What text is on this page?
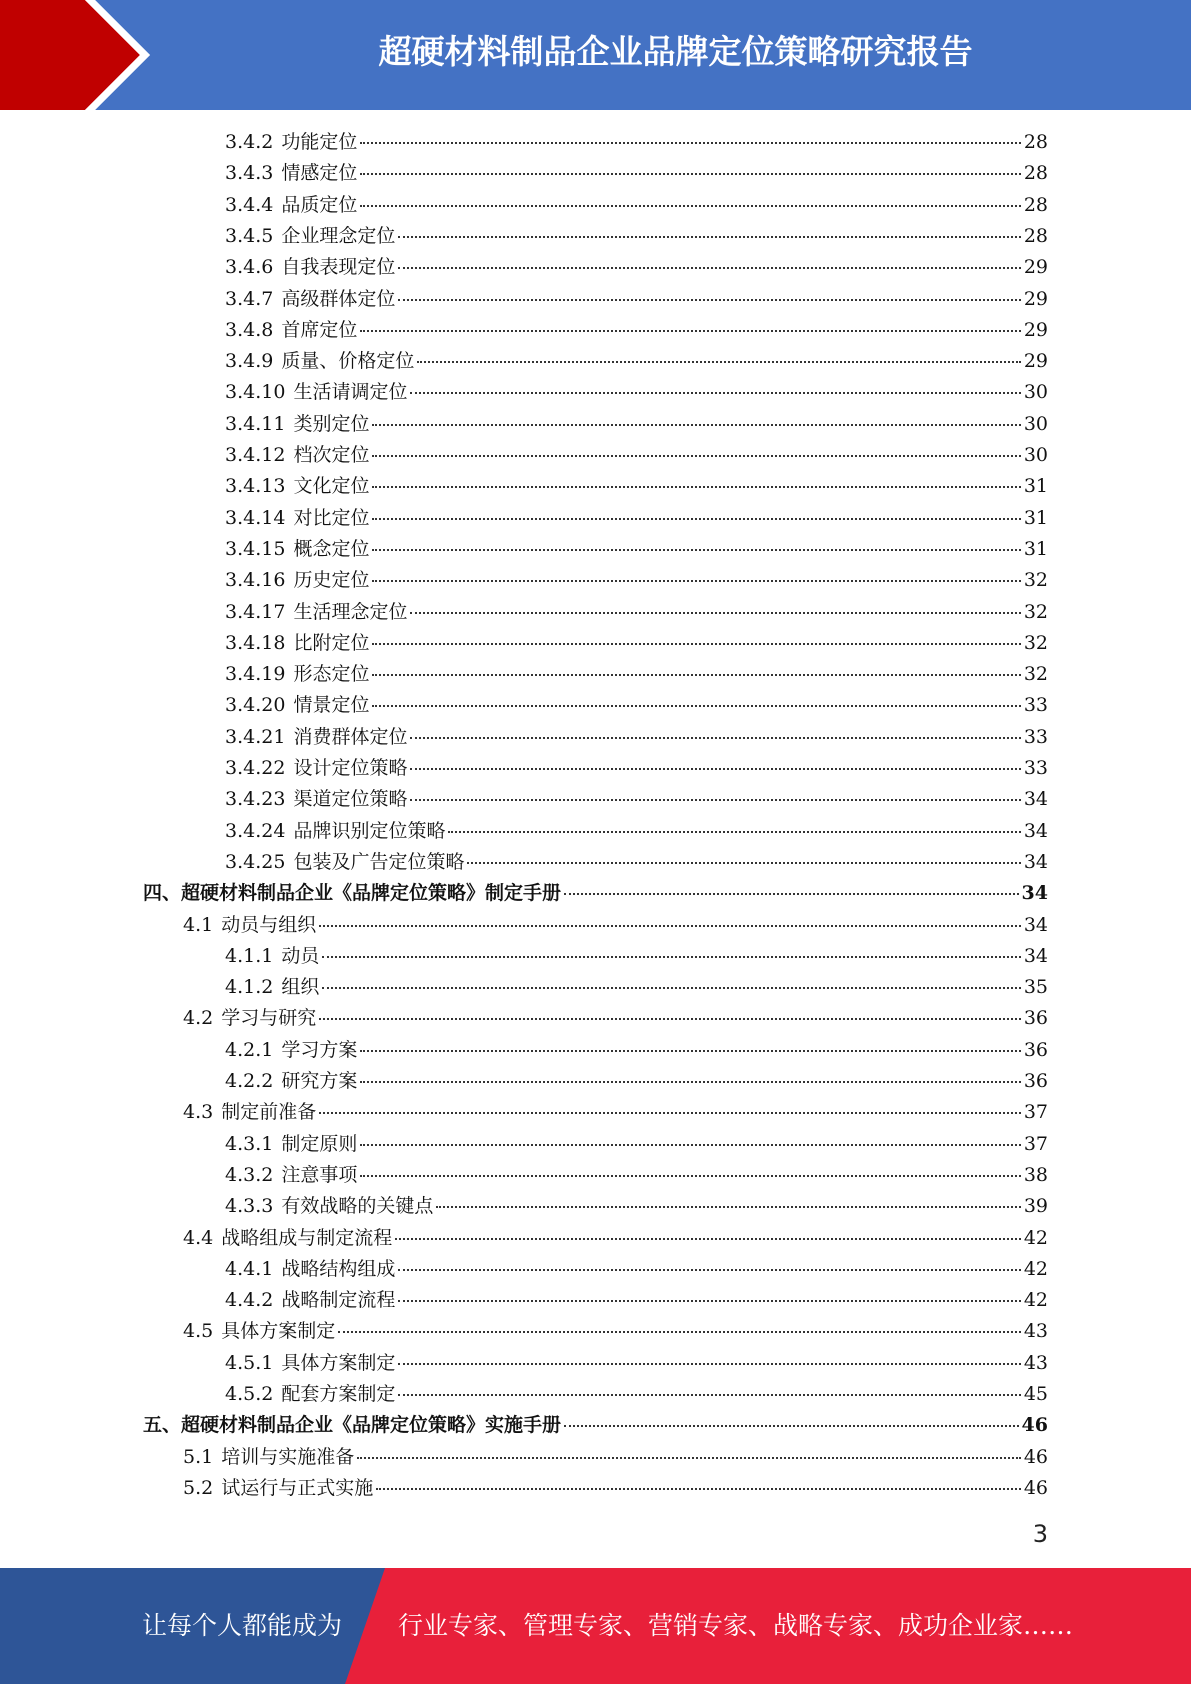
超硬材料制品企业品牌定位策略研究报告
3.4.2 功能定位	28
3.4.3 情感定位	28
3.4.4 品质定位	28
3.4.5 企业理念定位	28
3.4.6 自我表现定位	29
3.4.7 高级群体定位	29
3.4.8 首席定位	29
3.4.9 质量、价格定位	29
3.4.10 生活请调定位	30
3.4.11 类别定位	30
3.4.12 档次定位	30
3.4.13 文化定位	31
3.4.14 对比定位	31
3.4.15 概念定位	31
3.4.16 历史定位	32
3.4.17 生活理念定位	32
3.4.18 比附定位	32
3.4.19 形态定位	32
3.4.20 情景定位	33
3.4.21 消费群体定位	33
3.4.22 设计定位策略	33
3.4.23 渠道定位策略	34
3.4.24 品牌识别定位策略	34
3.4.25 包装及广告定位策略	34
四、 超硬材料制品企业《品牌定位策略》制定手册	34
4.1 动员与组织	34
4.1.1 动员	34
4.1.2 组织	35
4.2 学习与研究	36
4.2.1 学习方案	36
4.2.2 研究方案	36
4.3 制定前准备	37
4.3.1 制定原则	37
4.3.2 注意事项	38
4.3.3 有效战略的关键点	39
4.4 战略组成与制定流程	42
4.4.1 战略结构组成	42
4.4.2 战略制定流程	42
4.5 具体方案制定	43
4.5.1 具体方案制定	43
4.5.2 配套方案制定	45
五、 超硬材料制品企业《品牌定位策略》实施手册	46
5.1 培训与实施准备	46
5.2 试运行与正式实施	46
3
让每个人都能成为 行业专家、管理专家、营销专家、战略专家、成功企业家……
